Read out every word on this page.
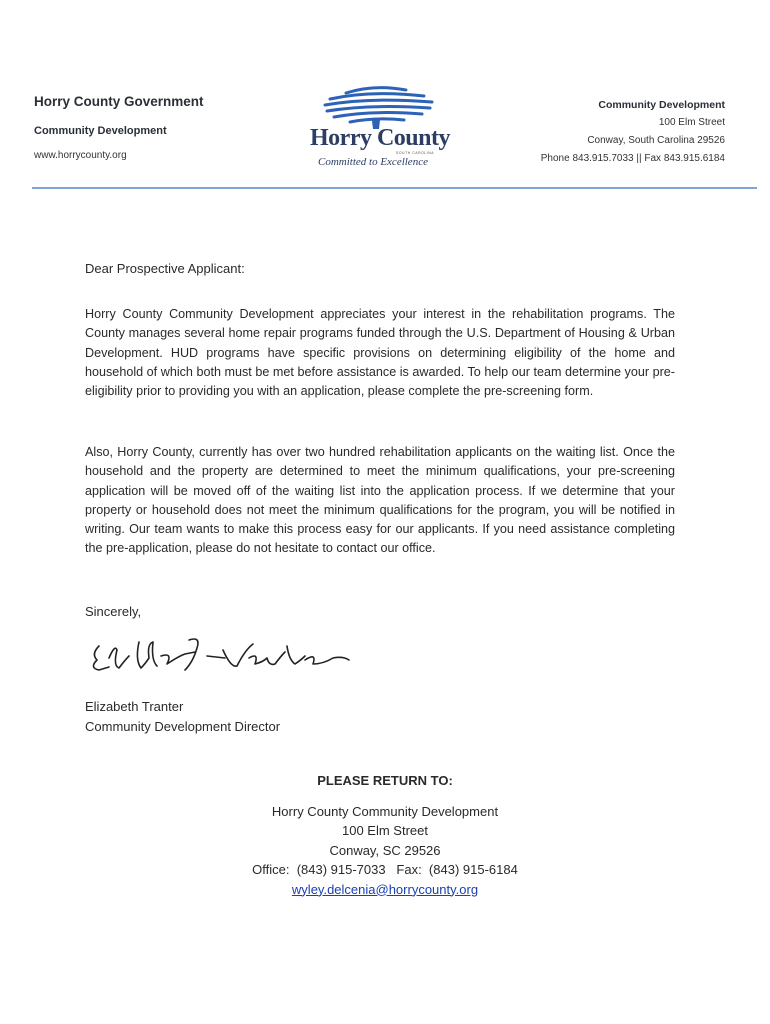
Horry County Government
Community Development
www.horrycounty.org
Horry County
SOUTH CAROLINA
Committed to Excellence
Community Development
100 Elm Street
Conway, South Carolina 29526
Phone 843.915.7033 || Fax 843.915.6184
Dear Prospective Applicant:
Horry County Community Development appreciates your interest in the rehabilitation programs. The County manages several home repair programs funded through the U.S. Department of Housing & Urban Development. HUD programs have specific provisions on determining eligibility of the home and household of which both must be met before assistance is awarded. To help our team determine your pre-eligibility prior to providing you with an application, please complete the pre-screening form.
Also, Horry County, currently has over two hundred rehabilitation applicants on the waiting list. Once the household and the property are determined to meet the minimum qualifications, your pre-screening application will be moved off of the waiting list into the application process. If we determine that your property or household does not meet the minimum qualifications for the program, you will be notified in writing. Our team wants to make this process easy for our applicants. If you need assistance completing the pre-application, please do not hesitate to contact our office.
Sincerely,
Elizabeth Tranter
Community Development Director
PLEASE RETURN TO:
Horry County Community Development
100 Elm Street
Conway, SC 29526
Office:  (843) 915-7033   Fax:  (843) 915-6184
wyley.delcenia@horrycounty.org
